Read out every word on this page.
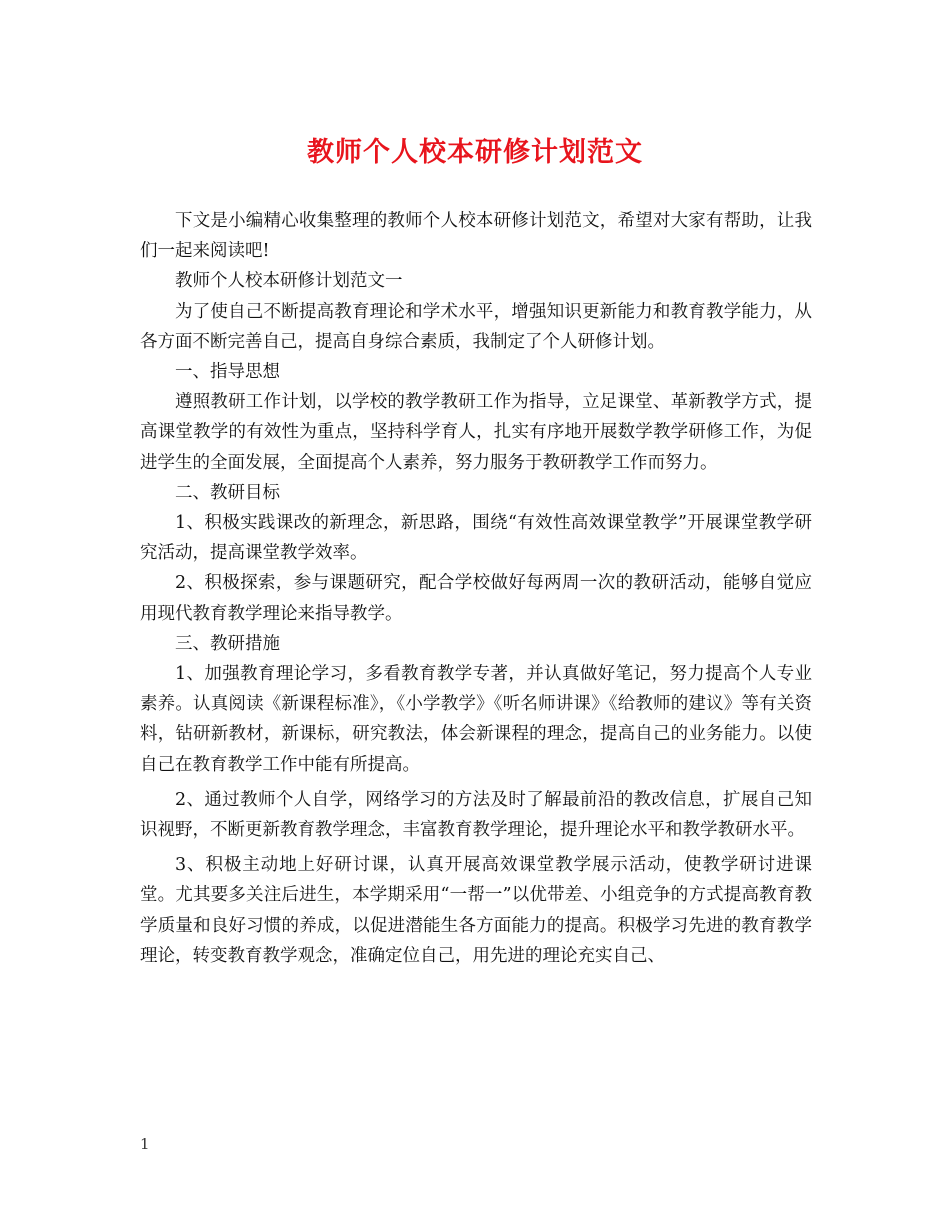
教师个人校本研修计划范文

下文是小编精心收集整理的教师个人校本研修计划范文，希望对大家有帮助，让我们一起来阅读吧!

教师个人校本研修计划范文一

为了使自己不断提高教育理论和学术水平，增强知识更新能力和教育教学能力，从各方面不断完善自己，提高自身综合素质，我制定了个人研修计划。

一、指导思想

遵照教研工作计划，以学校的教学教研工作为指导，立足课堂、革新教学方式，提高课堂教学的有效性为重点，坚持科学育人，扎实有序地开展数学教学研修工作，为促进学生的全面发展，全面提高个人素养，努力服务于教研教学工作而努力。

二、教研目标

1、积极实践课改的新理念，新思路，围绕“有效性高效课堂教学”开展课堂教学研究活动，提高课堂教学效率。

2、积极探索，参与课题研究，配合学校做好每两周一次的教研活动，能够自觉应用现代教育教学理论来指导教学。

三、教研措施

1、加强教育理论学习，多看教育教学专著，并认真做好笔记，努力提高个人专业素养。认真阅读《新课程标准》，《小学教学》《听名师讲课》《给教师的建议》等有关资料，钻研新教材，新课标，研究教法，体会新课程的理念，提高自己的业务能力。以使自己在教育教学工作中能有所提高。

2、通过教师个人自学，网络学习的方法及时了解最前沿的教改信息，扩展自己知识视野，不断更新教育教学理念，丰富教育教学理论，提升理论水平和教学教研水平。

3、积极主动地上好研讨课，认真开展高效课堂教学展示活动，使教学研讨进课堂。尤其要多关注后进生，本学期采用“一帮一”以优带差、小组竞争的方式提高教育教学质量和良好习惯的养成，以促进潜能生各方面能力的提高。积极学习先进的教育教学理论，转变教育教学观念，准确定位自己，用先进的理论充实自己、

1
